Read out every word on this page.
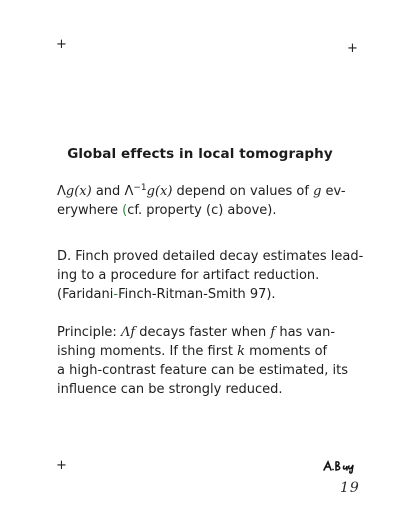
+	+
+
Global effects in local tomography
Λg(x) and $\Lambda^{-1}g(x)$ depend on values of g ev-
erywhere (cf. property (c) above).
D. Finch proved detailed decay estimates lead-
ing to a procedure for artifact reduction.
(Faridani-Finch-Ritman-Smith 97).
Principle: Λf decays faster when f has van-
ishing moments. If the first k moments of
a high-contrast feature can be estimated, its
influence can be strongly reduced.
19
